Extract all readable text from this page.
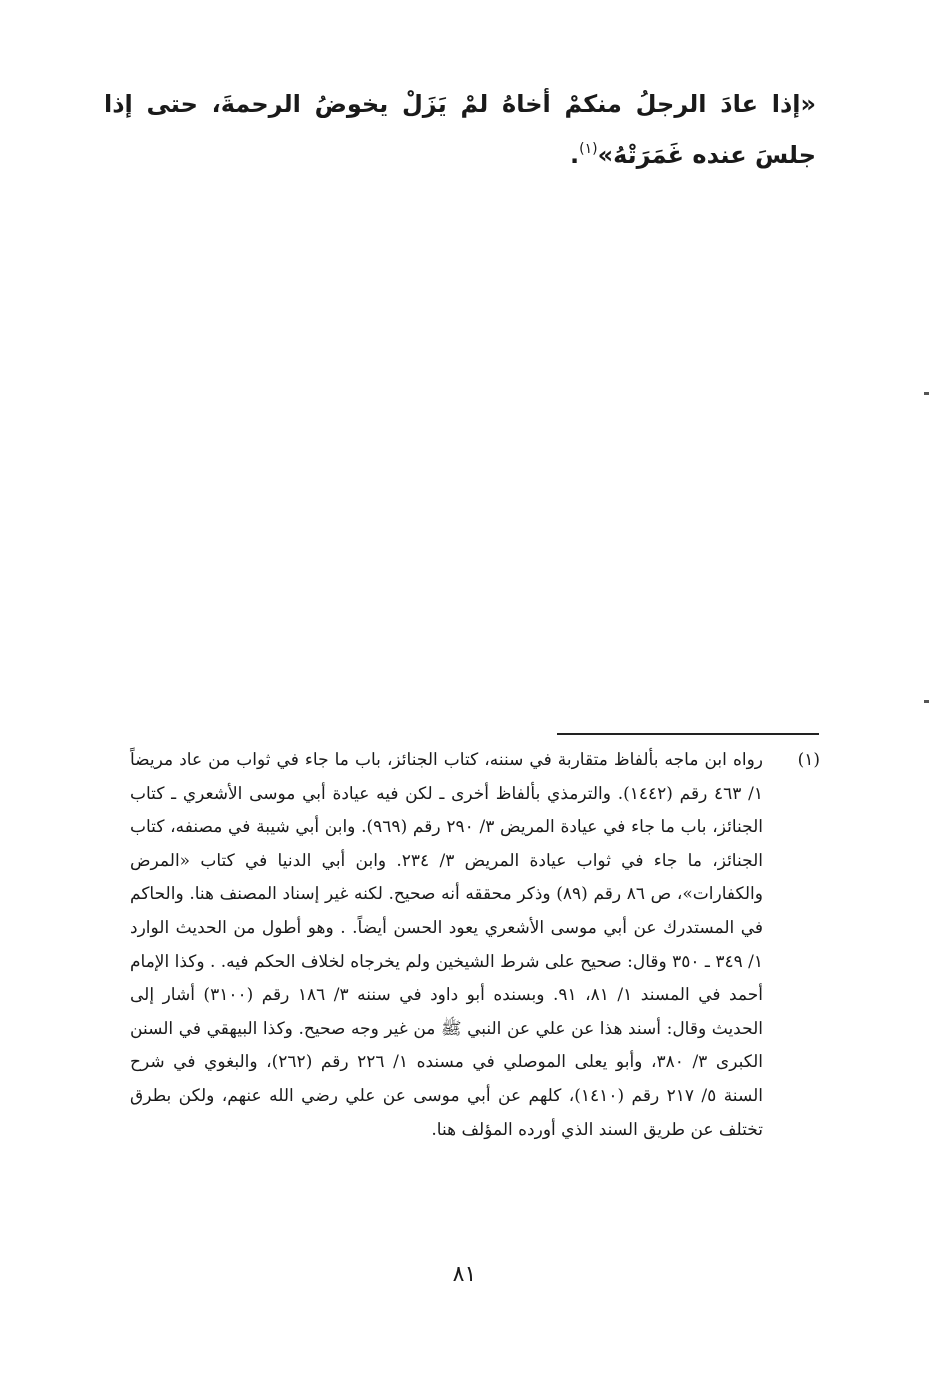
«إذا عادَ الرجلُ منكمْ أخاهُ لمْ يَزَلْ يخوضُ الرحمةَ، حتى إذا جلسَ عنده غَمَرَتْهُ»$^{(١)}$.

(١)

رواه ابن ماجه بألفاظ متقاربة في سننه، كتاب الجنائز، باب ما جاء في ثواب من عاد مريضاً ١/ ٤٦٣ رقم (١٤٤٢). والترمذي بألفاظ أخرى ـ لكن فيه عيادة أبي موسى الأشعري ـ كتاب الجنائز، باب ما جاء في عيادة المريض ٣/ ٢٩٠ رقم (٩٦٩). وابن أبي شيبة في مصنفه، كتاب الجنائز، ما جاء في ثواب عيادة المريض ٣/ ٢٣٤. وابن أبي الدنيا في كتاب «المرض والكفارات»، ص ٨٦ رقم (٨٩) وذكر محققه أنه صحيح. لكنه غير إسناد المصنف هنا. والحاكم في المستدرك عن أبي موسى الأشعري يعود الحسن أيضاً. . وهو أطول من الحديث الوارد ١/ ٣٤٩ ـ ٣٥٠ وقال: صحيح على شرط الشيخين ولم يخرجاه لخلاف الحكم فيه. . وكذا الإمام أحمد في المسند ١/ ٨١، ٩١. وبسنده أبو داود في سننه ٣/ ١٨٦ رقم (٣١٠٠) أشار إلى الحديث وقال: أسند هذا عن علي عن النبي ﷺ من غير وجه صحيح. وكذا البيهقي في السنن الكبرى ٣/ ٣٨٠، وأبو يعلى الموصلي في مسنده ١/ ٢٢٦ رقم (٢٦٢)، والبغوي في شرح السنة ٥/ ٢١٧ رقم (١٤١٠)، كلهم عن أبي موسى عن علي رضي الله عنهم، ولكن بطرق تختلف عن طريق السند الذي أورده المؤلف هنا.

٨١
